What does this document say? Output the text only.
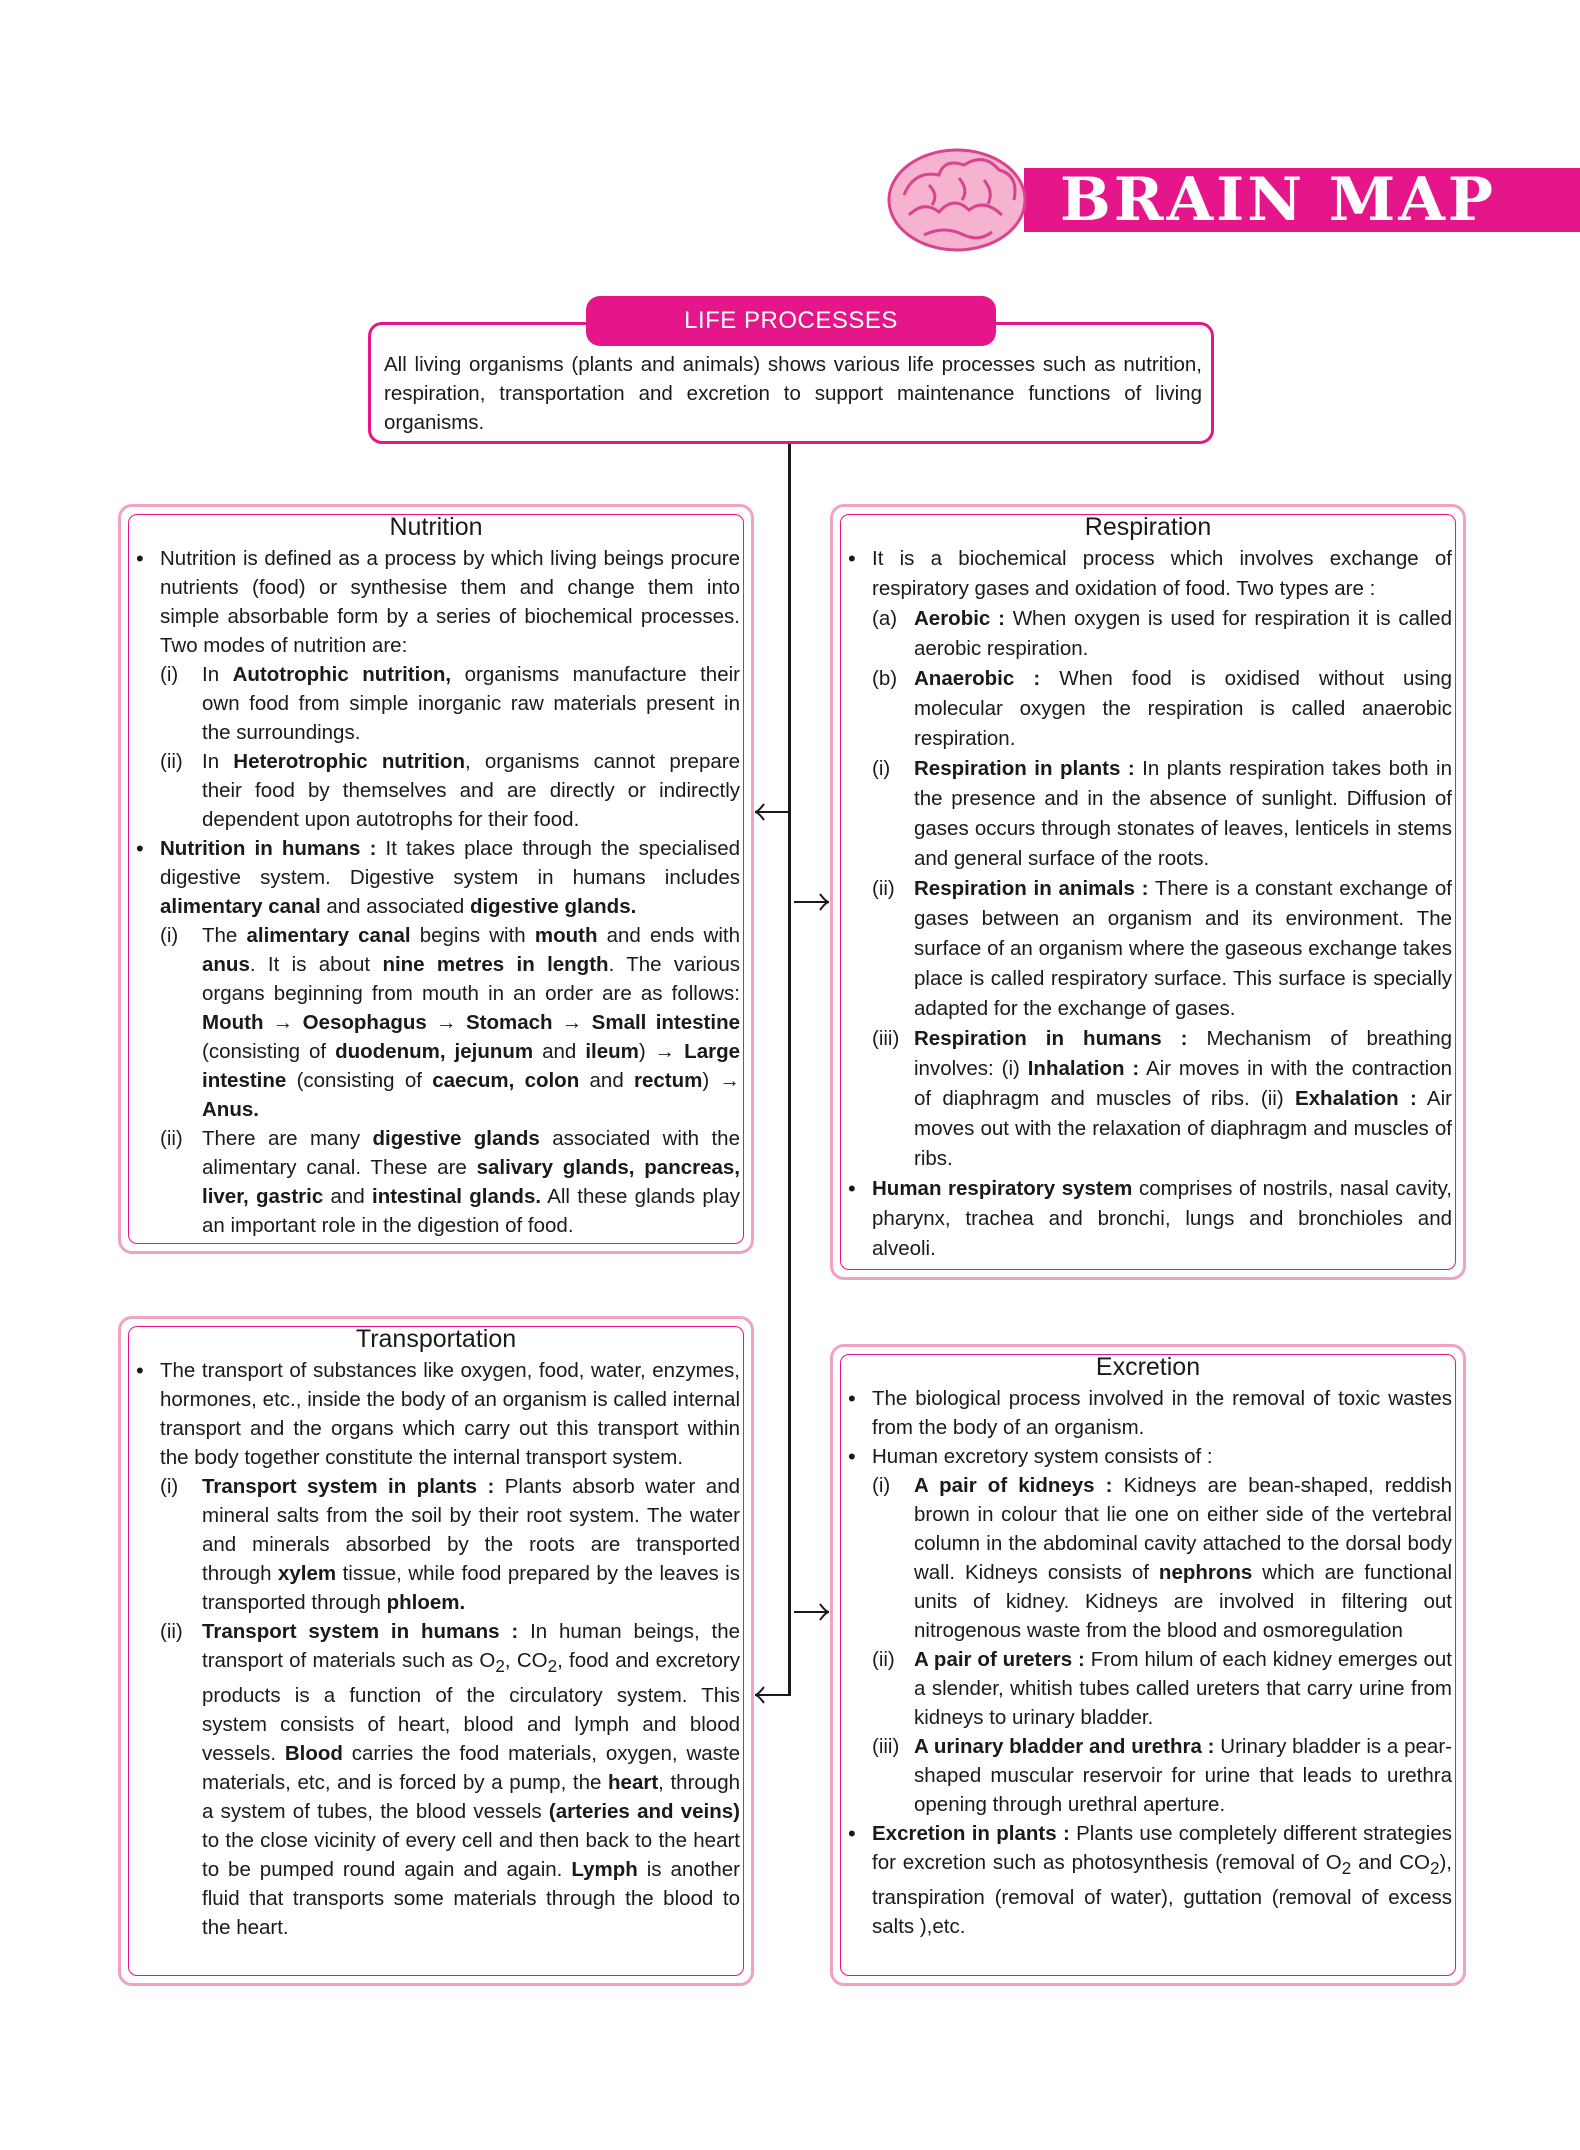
BRAIN MAP
LIFE PROCESSES
All living organisms (plants and animals) shows various life processes such as nutrition, respiration, transportation and excretion to support maintenance functions of living organisms.
Nutrition
• Nutrition is defined as a process by which living beings procure nutrients (food) or synthesise them and change them into simple absorbable form by a series of biochemical processes. Two modes of nutrition are:
(i) In Autotrophic nutrition, organisms manufacture their own food from simple inorganic raw materials present in the surroundings.
(ii) In Heterotrophic nutrition, organisms cannot prepare their food by themselves and are directly or indirectly dependent upon autotrophs for their food.
• Nutrition in humans : It takes place through the specialised digestive system. Digestive system in humans includes alimentary canal and associated digestive glands.
(i) The alimentary canal begins with mouth and ends with anus. It is about nine metres in length. The various organs beginning from mouth in an order are as follows: Mouth → Oesophagus → Stomach → Small intestine (consisting of duodenum, jejunum and ileum) → Large intestine (consisting of caecum, colon and rectum) → Anus.
(ii) There are many digestive glands associated with the alimentary canal. These are salivary glands, pancreas, liver, gastric and intestinal glands. All these glands play an important role in the digestion of food.
Respiration
• It is a biochemical process which involves exchange of respiratory gases and oxidation of food. Two types are :
(a) Aerobic : When oxygen is used for respiration it is called aerobic respiration.
(b) Anaerobic : When food is oxidised without using molecular oxygen the respiration is called anaerobic respiration.
(i) Respiration in plants : In plants respiration takes both in the presence and in the absence of sunlight. Diffusion of gases occurs through stonates of leaves, lenticels in stems and general surface of the roots.
(ii) Respiration in animals : There is a constant exchange of gases between an organism and its environment. The surface of an organism where the gaseous exchange takes place is called respiratory surface. This surface is specially adapted for the exchange of gases.
(iii) Respiration in humans : Mechanism of breathing involves: (i) Inhalation : Air moves in with the contraction of diaphragm and muscles of ribs. (ii) Exhalation : Air moves out with the relaxation of diaphragm and muscles of ribs.
• Human respiratory system comprises of nostrils, nasal cavity, pharynx, trachea and bronchi, lungs and bronchioles and alveoli.
Transportation
• The transport of substances like oxygen, food, water, enzymes, hormones, etc., inside the body of an organism is called internal transport and the organs which carry out this transport within the body together constitute the internal transport system.
(i) Transport system in plants : Plants absorb water and mineral salts from the soil by their root system. The water and minerals absorbed by the roots are transported through xylem tissue, while food prepared by the leaves is transported through phloem.
(ii) Transport system in humans : In human beings, the transport of materials such as $O_2$, $CO_2$, food and excretory products is a function of the circulatory system. This system consists of heart, blood and lymph and blood vessels. Blood carries the food materials, oxygen, waste materials, etc, and is forced by a pump, the heart, through a system of tubes, the blood vessels (arteries and veins) to the close vicinity of every cell and then back to the heart to be pumped round again and again. Lymph is another fluid that transports some materials through the blood to the heart.
Excretion
• The biological process involved in the removal of toxic wastes from the body of an organism.
• Human excretory system consists of :
(i) A pair of kidneys : Kidneys are bean-shaped, reddish brown in colour that lie one on either side of the vertebral column in the abdominal cavity attached to the dorsal body wall. Kidneys consists of nephrons which are functional units of kidney. Kidneys are involved in filtering out nitrogenous waste from the blood and osmoregulation
(ii) A pair of ureters : From hilum of each kidney emerges out a slender, whitish tubes called ureters that carry urine from kidneys to urinary bladder.
(iii) A urinary bladder and urethra : Urinary bladder is a pear-shaped muscular reservoir for urine that leads to urethra opening through urethral aperture.
• Excretion in plants : Plants use completely different strategies for excretion such as photosynthesis (removal of $O_2$ and $CO_2$), transpiration (removal of water), guttation (removal of excess salts ),etc.
